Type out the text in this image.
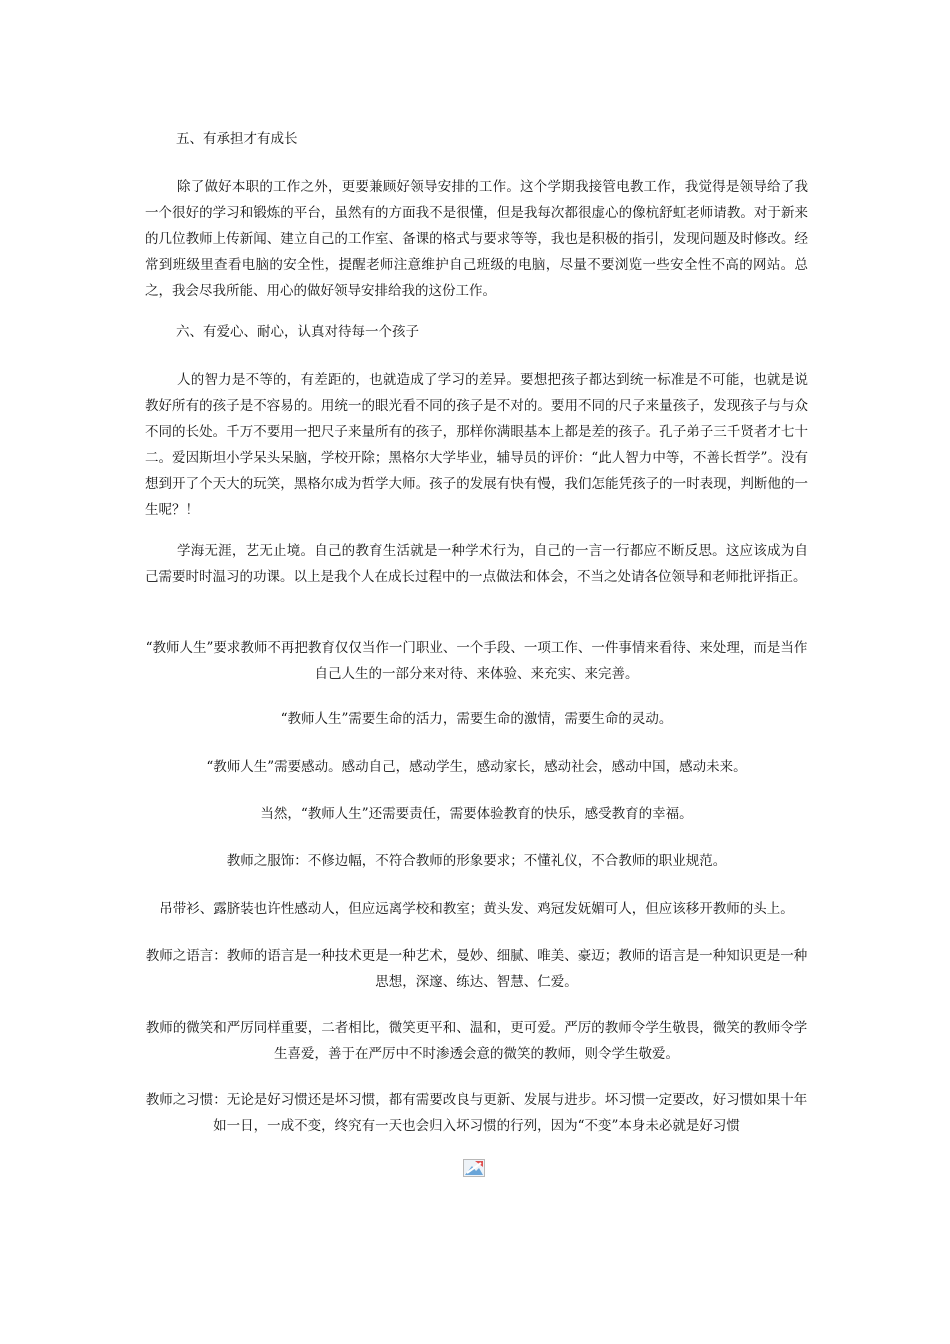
五、有承担才有成长
除了做好本职的工作之外，更要兼顾好领导安排的工作。这个学期我接管电教工作，我觉得是领导给了我一个很好的学习和锻炼的平台，虽然有的方面我不是很懂，但是我每次都很虚心的像杭舒虹老师请教。对于新来的几位教师上传新闻、建立自己的工作室、备课的格式与要求等等，我也是积极的指引，发现问题及时修改。经常到班级里查看电脑的安全性，提醒老师注意维护自己班级的电脑，尽量不要浏览一些安全性不高的网站。总之，我会尽我所能、用心的做好领导安排给我的这份工作。
六、有爱心、耐心，认真对待每一个孩子
人的智力是不等的，有差距的，也就造成了学习的差异。要想把孩子都达到统一标准是不可能，也就是说教好所有的孩子是不容易的。用统一的眼光看不同的孩子是不对的。要用不同的尺子来量孩子，发现孩子与与众不同的长处。千万不要用一把尺子来量所有的孩子，那样你满眼基本上都是差的孩子。孔子弟子三千贤者才七十二。爱因斯坦小学呆头呆脑，学校开除；黑格尔大学毕业，辅导员的评价：“此人智力中等，不善长哲学”。没有想到开了个天大的玩笑，黑格尔成为哲学大师。孩子的发展有快有慢，我们怎能凭孩子的一时表现，判断他的一生呢？！
学海无涯，艺无止境。自己的教育生活就是一种学术行为，自己的一言一行都应不断反思。这应该成为自己需要时时温习的功课。以上是我个人在成长过程中的一点做法和体会，不当之处请各位领导和老师批评指正。
“教师人生”要求教师不再把教育仅仅当作一门职业、一个手段、一项工作、一件事情来看待、来处理，而是当作自己人生的一部分来对待、来体验、来充实、来完善。
“教师人生”需要生命的活力，需要生命的激情，需要生命的灵动。
“教师人生”需要感动。感动自己，感动学生，感动家长，感动社会，感动中国，感动未来。
当然，“教师人生”还需要责任，需要体验教育的快乐，感受教育的幸福。
教师之服饰：不修边幅，不符合教师的形象要求；不懂礼仪，不合教师的职业规范。
吊带衫、露脐装也许性感动人，但应远离学校和教室；黄头发、鸡冠发妩媚可人，但应该移开教师的头上。
教师之语言：教师的语言是一种技术更是一种艺术，曼妙、细腻、唯美、豪迈；教师的语言是一种知识更是一种思想，深邃、练达、智慧、仁爱。
教师的微笑和严厉同样重要，二者相比，微笑更平和、温和，更可爱。严厉的教师令学生敬畏，微笑的教师令学生喜爱，善于在严厉中不时渗透会意的微笑的教师，则令学生敬爱。
教师之习惯：无论是好习惯还是坏习惯，都有需要改良与更新、发展与进步。坏习惯一定要改，好习惯如果十年如一日，一成不变，终究有一天也会归入坏习惯的行列，因为“不变”本身未必就是好习惯
